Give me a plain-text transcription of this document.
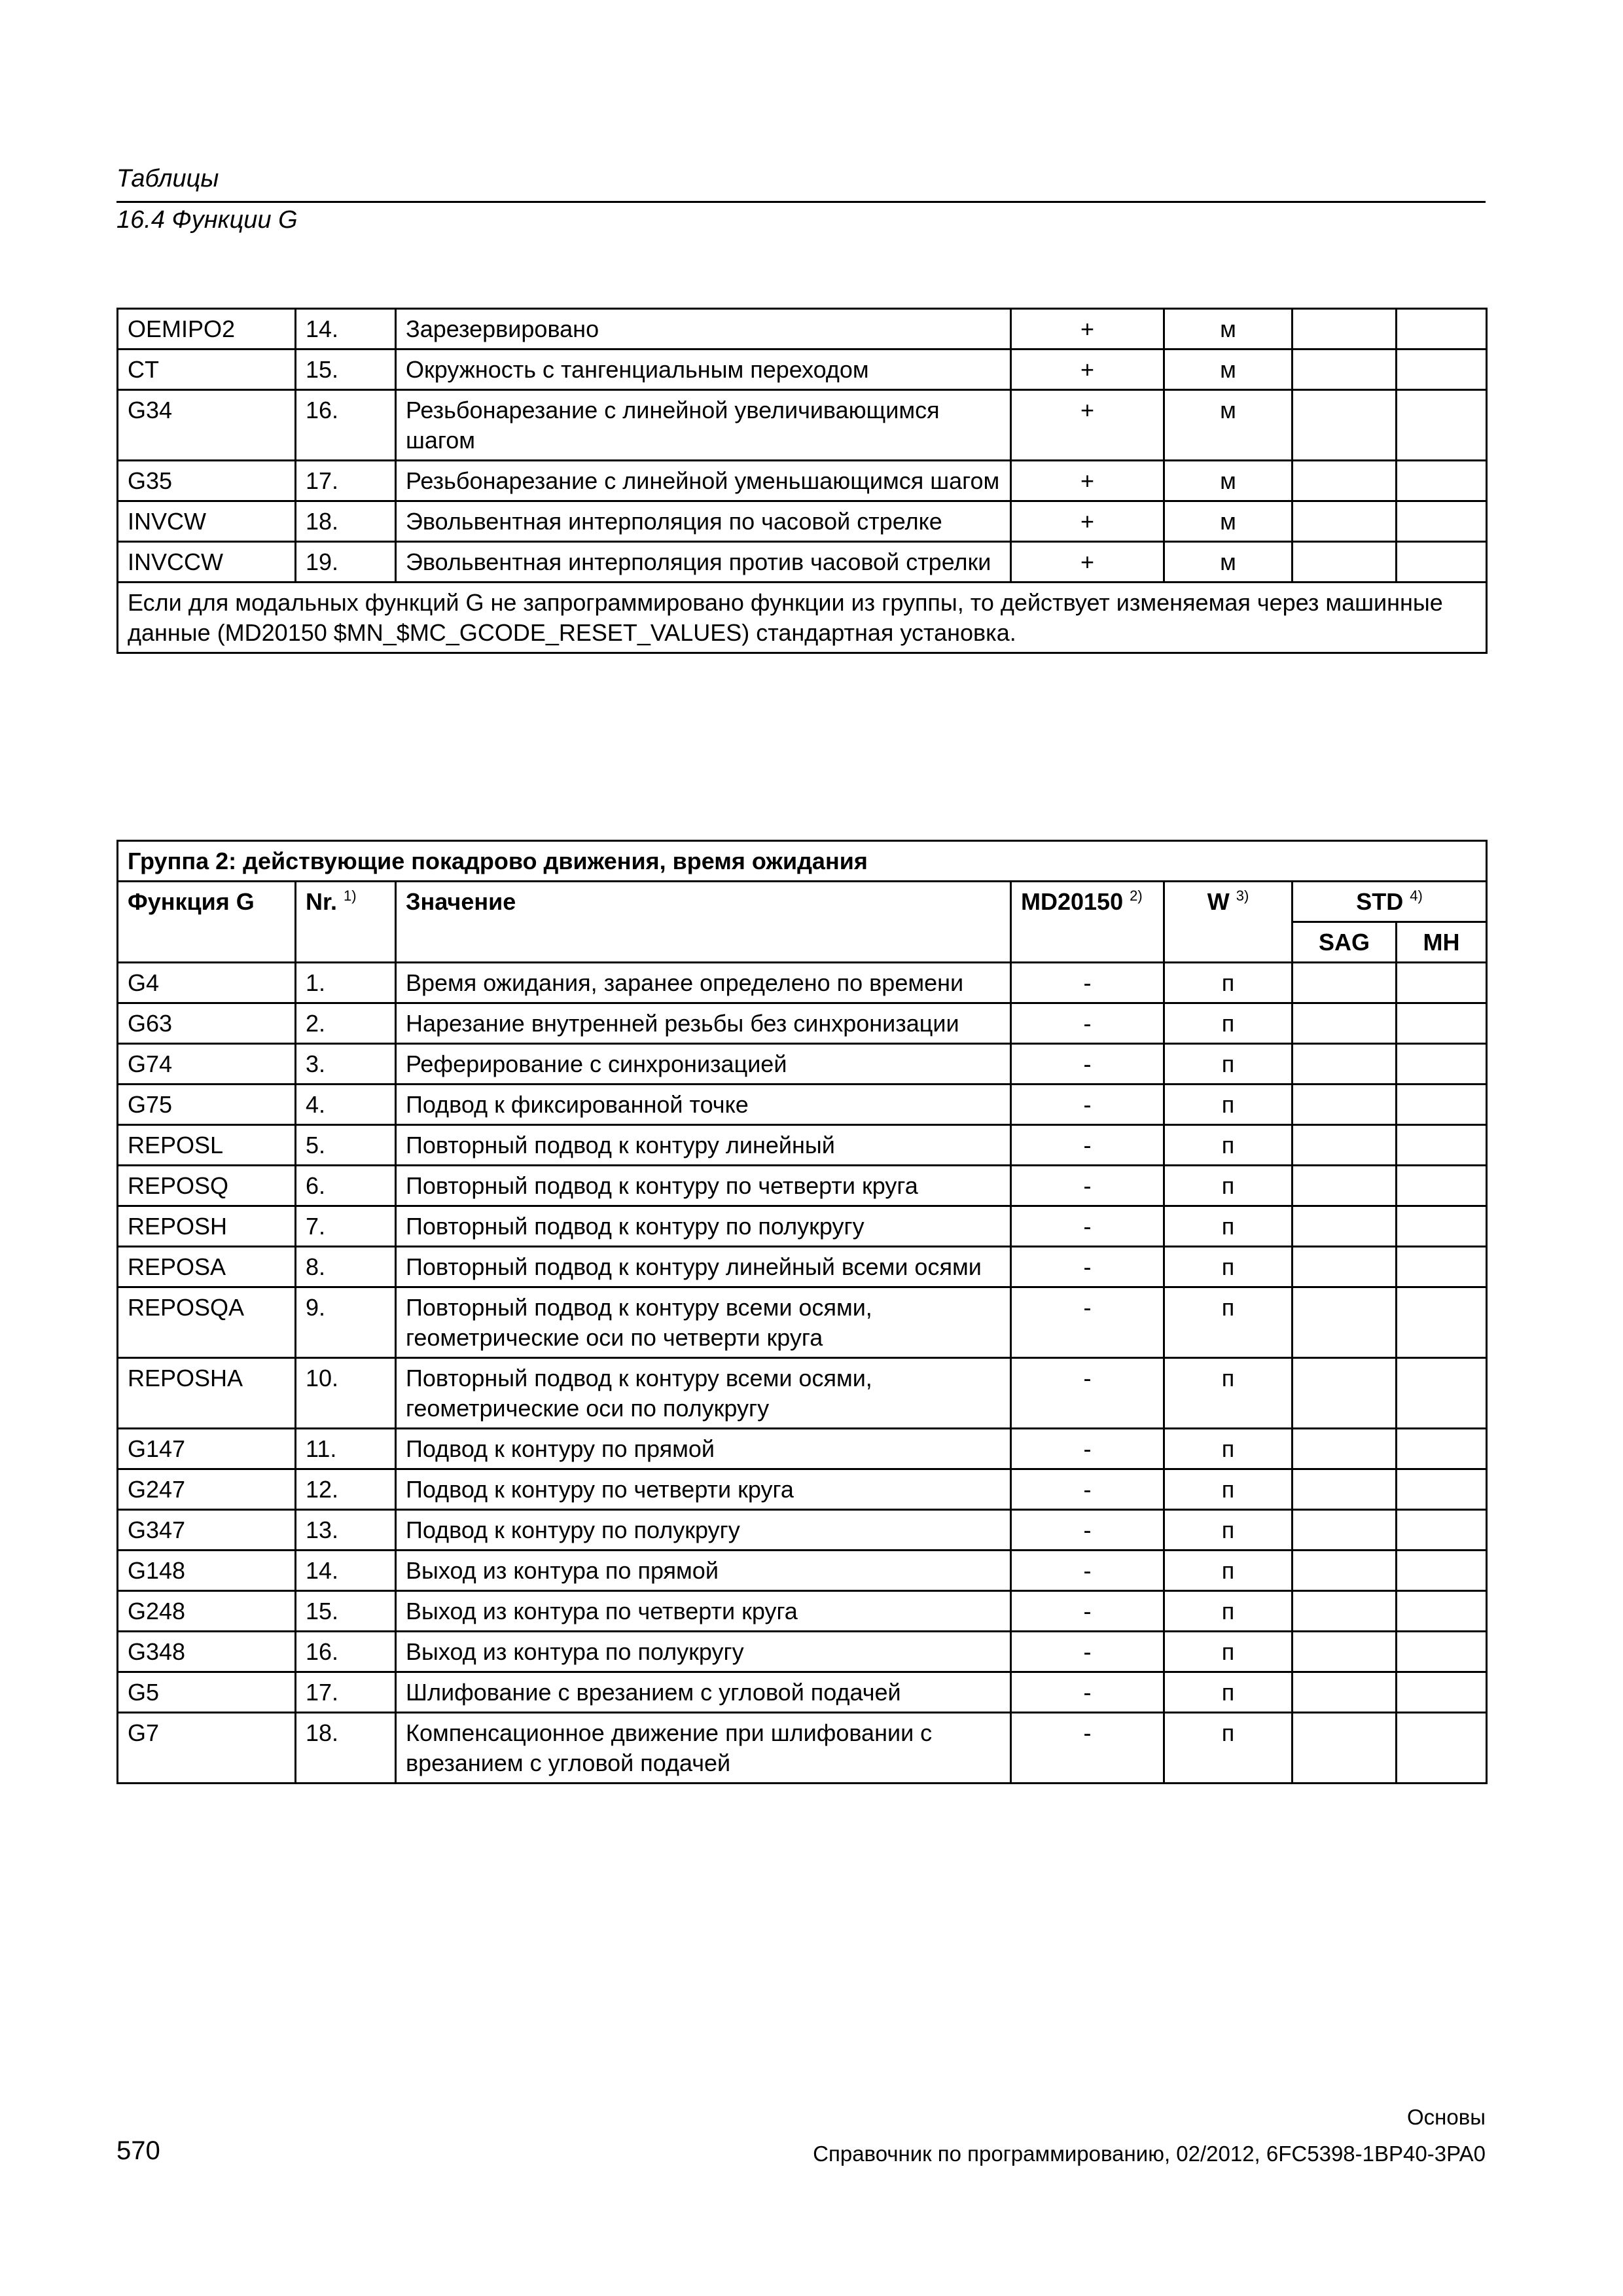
Таблицы
16.4 Функции G
OEMIPO2	14.	Зарезервировано	+	м		
CT	15.	Окружность с тангенциальным переходом	+	м		
G34	16.	Резьбонарезание с линейной увеличивающимся шагом	+	м		
G35	17.	Резьбонарезание с линейной уменьшающимся шагом	+	м		
INVCW	18.	Эвольвентная интерполяция по часовой стрелке	+	м		
INVCCW	19.	Эвольвентная интерполяция против часовой стрелки	+	м		
Если для модальных функций G не запрограммировано функции из группы, то действует изменяемая через машинные данные (MD20150 $MN_$MC_GCODE_RESET_VALUES) стандартная установка.						
Группа 2: действующие покадрово движения, время ожидания						
Функция G	Nr. $^{1)}$	Значение	MD20150 $^{2)}$	W $^{3)}$	STD $^{4)}$
					SAG	MH
G4	1.	Время ожидания, заранее определено по времени	-	п		
G63	2.	Нарезание внутренней резьбы без синхронизации	-	п		
G74	3.	Реферирование с синхронизацией	-	п		
G75	4.	Подвод к фиксированной точке	-	п		
REPOSL	5.	Повторный подвод к контуру линейный	-	п		
REPOSQ	6.	Повторный подвод к контуру по четверти круга	-	п		
REPOSH	7.	Повторный подвод к контуру по полукругу	-	п		
REPOSA	8.	Повторный подвод к контуру линейный всеми осями	-	п		
REPOSQA	9.	Повторный подвод к контуру всеми осями, геометрические оси по четверти круга	-	п		
REPOSHA	10.	Повторный подвод к контуру всеми осями, геометрические оси по полукругу	-	п		
G147	11.	Подвод к контуру по прямой	-	п		
G247	12.	Подвод к контуру по четверти круга	-	п		
G347	13.	Подвод к контуру по полукругу	-	п		
G148	14.	Выход из контура по прямой	-	п		
G248	15.	Выход из контура по четверти круга	-	п		
G348	16.	Выход из контура по полукругу	-	п		
G5	17.	Шлифование с врезанием с угловой подачей	-	п		
G7	18.	Компенсационное движение при шлифовании с врезанием с угловой подачей	-	п		
Основы
570	Справочник по программированию, 02/2012, 6FC5398-1BP40-3PA0
